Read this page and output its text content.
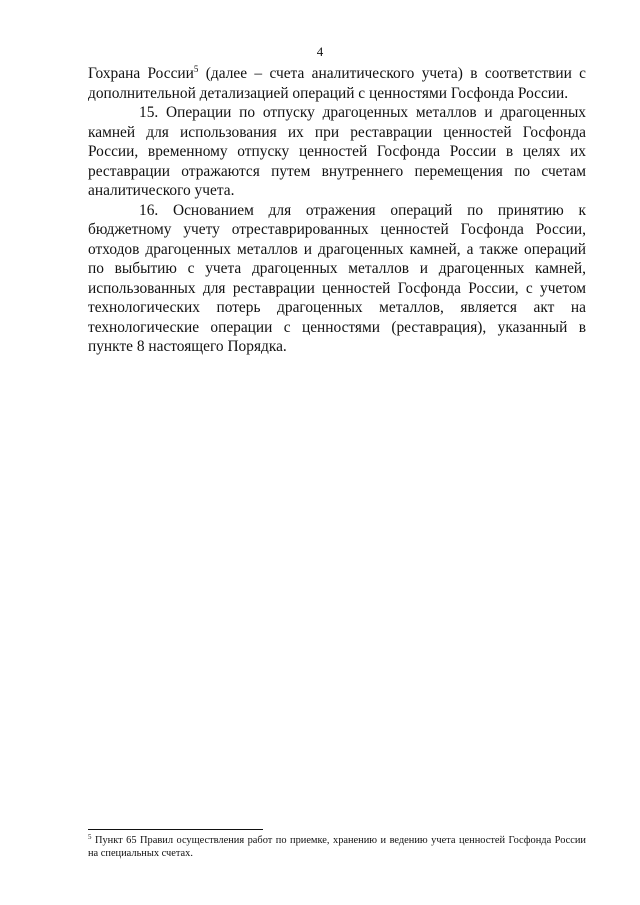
4

Гохрана России$^5$ (далее – счета аналитического учета) в соответствии с дополнительной детализацией операций с ценностями Госфонда России.

15. Операции по отпуску драгоценных металлов и драгоценных камней для использования их при реставрации ценностей Госфонда России, временному отпуску ценностей Госфонда России в целях их реставрации отражаются путем внутреннего перемещения по счетам аналитического учета.

16. Основанием для отражения операций по принятию к бюджетному учету отреставрированных ценностей Госфонда России, отходов драгоценных металлов и драгоценных камней, а также операций по выбытию с учета драгоценных металлов и драгоценных камней, использованных для реставрации ценностей Госфонда России, с учетом технологических потерь драгоценных металлов, является акт на технологические операции с ценностями (реставрация), указанный в пункте 8 настоящего Порядка.

$^5$ Пункт 65 Правил осуществления работ по приемке, хранению и ведению учета ценностей Госфонда России на специальных счетах.
